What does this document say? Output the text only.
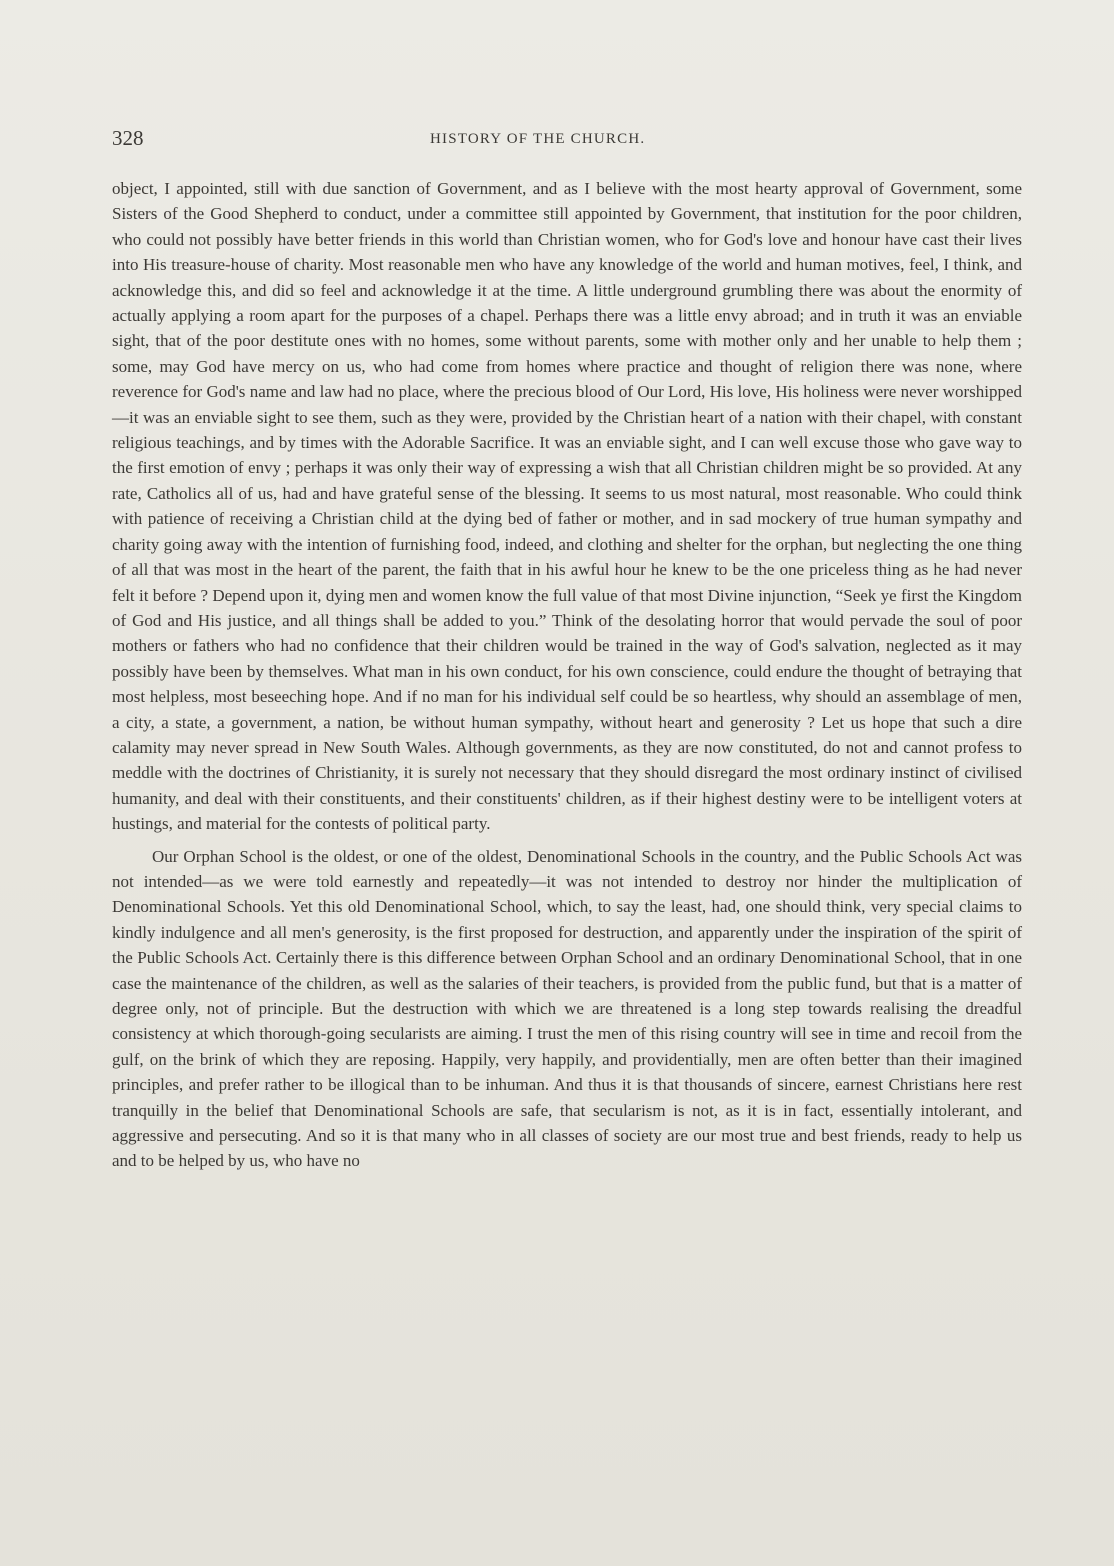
328	HISTORY OF THE CHURCH.

object, I appointed, still with due sanction of Government, and as I believe with the most hearty approval of Government, some Sisters of the Good Shepherd to conduct, under a committee still appointed by Government, that institution for the poor children, who could not possibly have better friends in this world than Christian women, who for God's love and honour have cast their lives into His treasure-house of charity. Most reasonable men who have any knowledge of the world and human motives, feel, I think, and acknowledge this, and did so feel and acknowledge it at the time. A little underground grumbling there was about the enormity of actually applying a room apart for the purposes of a chapel. Perhaps there was a little envy abroad; and in truth it was an enviable sight, that of the poor destitute ones with no homes, some without parents, some with mother only and her unable to help them ; some, may God have mercy on us, who had come from homes where practice and thought of religion there was none, where reverence for God's name and law had no place, where the precious blood of Our Lord, His love, His holiness were never worshipped—it was an enviable sight to see them, such as they were, provided by the Christian heart of a nation with their chapel, with constant religious teachings, and by times with the Adorable Sacrifice. It was an enviable sight, and I can well excuse those who gave way to the first emotion of envy ; perhaps it was only their way of expressing a wish that all Christian children might be so provided. At any rate, Catholics all of us, had and have grateful sense of the blessing. It seems to us most natural, most reasonable. Who could think with patience of receiving a Christian child at the dying bed of father or mother, and in sad mockery of true human sympathy and charity going away with the intention of furnishing food, indeed, and clothing and shelter for the orphan, but neglecting the one thing of all that was most in the heart of the parent, the faith that in his awful hour he knew to be the one priceless thing as he had never felt it before ? Depend upon it, dying men and women know the full value of that most Divine injunction, “Seek ye first the Kingdom of God and His justice, and all things shall be added to you.” Think of the desolating horror that would pervade the soul of poor mothers or fathers who had no confidence that their children would be trained in the way of God's salvation, neglected as it may possibly have been by themselves. What man in his own conduct, for his own conscience, could endure the thought of betraying that most helpless, most beseeching hope. And if no man for his individual self could be so heartless, why should an assemblage of men, a city, a state, a government, a nation, be without human sympathy, without heart and generosity ? Let us hope that such a dire calamity may never spread in New South Wales. Although governments, as they are now constituted, do not and cannot profess to meddle with the doctrines of Christianity, it is surely not necessary that they should disregard the most ordinary instinct of civilised humanity, and deal with their constituents, and their constituents' children, as if their highest destiny were to be intelligent voters at hustings, and material for the contests of political party.

Our Orphan School is the oldest, or one of the oldest, Denominational Schools in the country, and the Public Schools Act was not intended—as we were told earnestly and repeatedly—it was not intended to destroy nor hinder the multiplication of Denominational Schools. Yet this old Denominational School, which, to say the least, had, one should think, very special claims to kindly indulgence and all men's generosity, is the first proposed for destruction, and apparently under the inspiration of the spirit of the Public Schools Act. Certainly there is this difference between Orphan School and an ordinary Denominational School, that in one case the maintenance of the children, as well as the salaries of their teachers, is provided from the public fund, but that is a matter of degree only, not of principle. But the destruction with which we are threatened is a long step towards realising the dreadful consistency at which thorough-going secularists are aiming. I trust the men of this rising country will see in time and recoil from the gulf, on the brink of which they are reposing. Happily, very happily, and providentially, men are often better than their imagined principles, and prefer rather to be illogical than to be inhuman. And thus it is that thousands of sincere, earnest Christians here rest tranquilly in the belief that Denominational Schools are safe, that secularism is not, as it is in fact, essentially intolerant, and aggressive and persecuting. And so it is that many who in all classes of society are our most true and best friends, ready to help us and to be helped by us, who have no
